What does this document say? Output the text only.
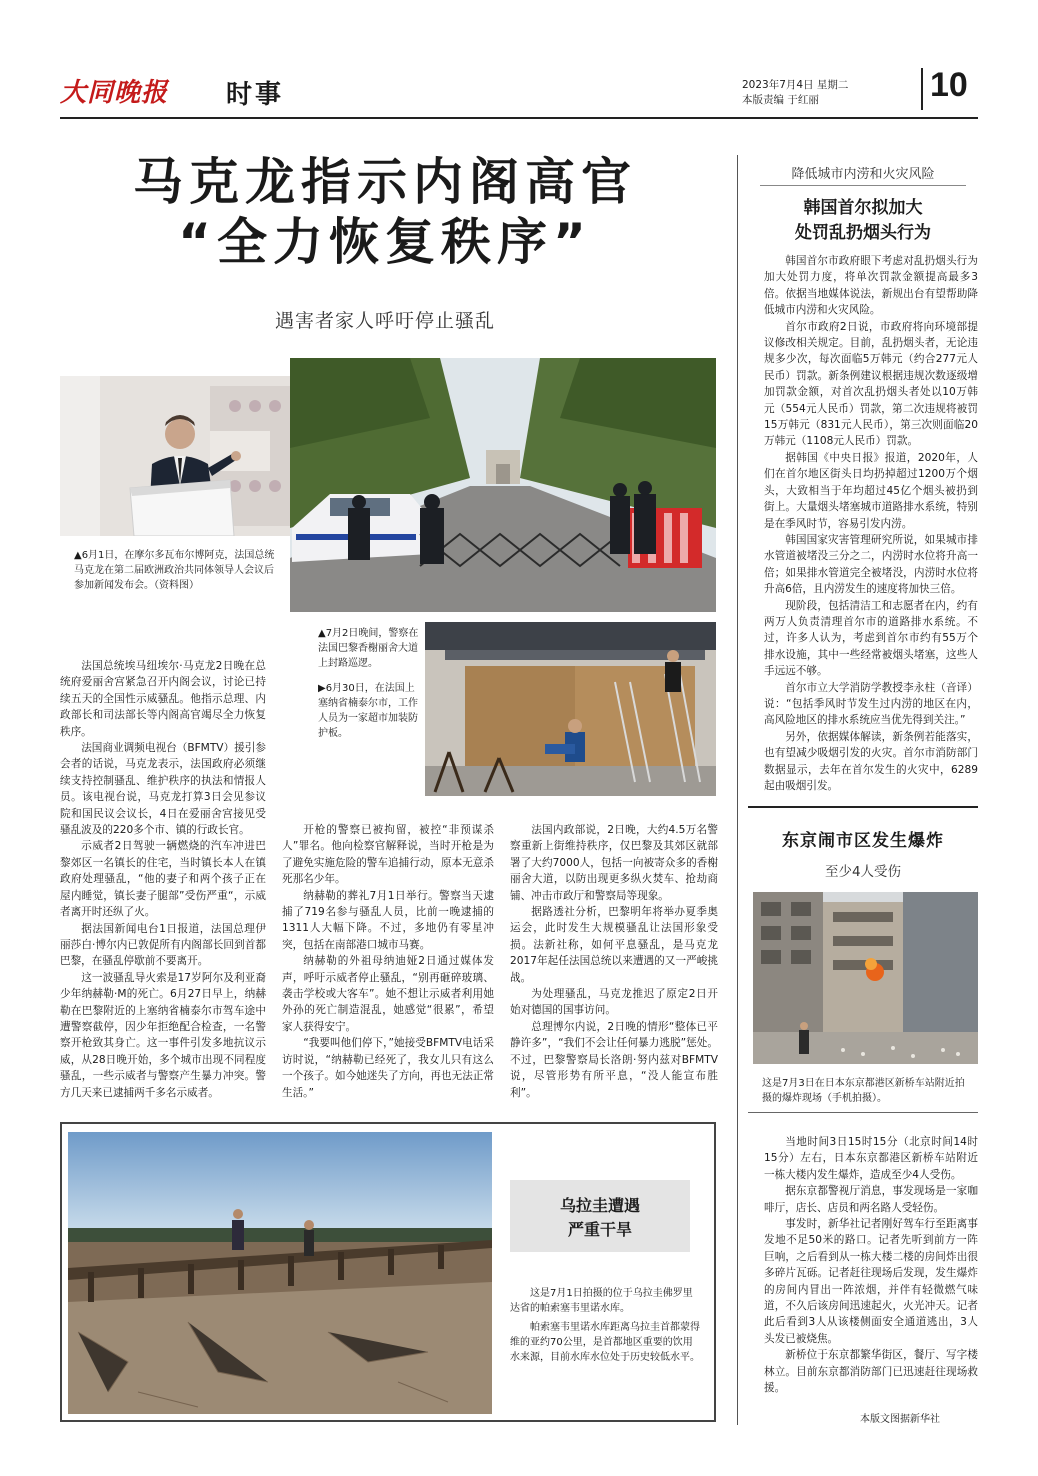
大同晚报	时事	2023年7月4日 星期二
本版责编 于红丽	10
马克龙指示内阁高官
“全力恢复秩序”
遇害者家人呼吁停止骚乱
▲6月1日，在摩尔多瓦布尔博阿克，法国总统马克龙在第二届欧洲政治共同体领导人会议后参加新闻发布会。（资料图）
▲7月2日晚间，警察在法国巴黎香榭丽舍大道上封路巡逻。
▶6月30日，在法国上塞纳省楠泰尔市，工作人员为一家超市加装防护板。

法国总统埃马纽埃尔·马克龙2日晚在总统府爱丽舍宫紧急召开内阁会议，讨论已持续五天的全国性示威骚乱。他指示总理、内政部长和司法部长等内阁高官竭尽全力恢复秩序。

法国商业调频电视台（BFMTV）援引参会者的话说，马克龙表示，法国政府必须继续支持控制骚乱、维护秩序的执法和情报人员。该电视台说，马克龙打算3日会见参议院和国民议会议长，4日在爱丽舍宫接见受骚乱波及的220多个市、镇的行政长官。

示威者2日驾驶一辆燃烧的汽车冲进巴黎郊区一名镇长的住宅，当时镇长本人在镇政府处理骚乱，“他的妻子和两个孩子正在屋内睡觉，镇长妻子腿部”受伤严重“，示威者离开时还纵了火。

据法国新闻电台1日报道，法国总理伊丽莎白·博尔内已敦促所有内阁部长回到首都巴黎，在骚乱停歇前不要离开。

这一波骚乱导火索是17岁阿尔及利亚裔少年纳赫勒·M的死亡。6月27日早上，纳赫勒在巴黎附近的上塞纳省楠泰尔市驾车途中遭警察截停，因少年拒绝配合检查，一名警察开枪致其身亡。这一事件引发多地抗议示威，从28日晚开始，多个城市出现不同程度骚乱，一些示威者与警察产生暴力冲突。警方几天来已逮捕两千多名示威者。

开枪的警察已被拘留，被控“非预谋杀人”罪名。他向检察官解释说，当时开枪是为了避免实施危险的警车追捕行动，原本无意杀死那名少年。

纳赫勒的葬礼7月1日举行。警察当天逮捕了719名参与骚乱人员，比前一晚逮捕的1311人大幅下降。不过，多地仍有零星冲突，包括在南部港口城市马赛。

纳赫勒的外祖母纳迪娅2日通过媒体发声，呼吁示威者停止骚乱，“别再砸碎玻璃、袭击学校或大客车”。她不想让示威者利用她外孙的死亡制造混乱，她感觉“很累”，希望家人获得安宁。

“我要叫他们停下，”她接受BFMTV电话采访时说，“纳赫勒已经死了，我女儿只有这么一个孩子。如今她迷失了方向，再也无法正常生活。”

法国内政部说，2日晚，大约4.5万名警察重新上街维持秩序，仅巴黎及其郊区就部署了大约7000人，包括一向被寄众多的香榭丽舍大道，以防出现更多纵火焚车、抢劫商铺、冲击市政厅和警察局等现象。

据路透社分析，巴黎明年将举办夏季奥运会，此时发生大规模骚乱让法国形象受损。法新社称，如何平息骚乱，是马克龙2017年起任法国总统以来遭遇的又一严峻挑战。

为处理骚乱，马克龙推迟了原定2日开始对德国的国事访问。

总理博尔内说，2日晚的情形“整体已平静许多”，“我们不会让任何暴力逃脱”惩处。不过，巴黎警察局长洛朗·努内兹对BFMTV说，尽管形势有所平息，“没人能宣布胜利”。

降低城市内涝和火灾风险
韩国首尔拟加大
处罚乱扔烟头行为

韩国首尔市政府眼下考虑对乱扔烟头行为加大处罚力度，将单次罚款金额提高最多3倍。依据当地媒体说法，新规出台有望帮助降低城市内涝和火灾风险。

首尔市政府2日说，市政府将向环境部提议修改相关规定。目前，乱扔烟头者，无论违规多少次，每次面临5万韩元（约合277元人民币）罚款。新条例建议根据违规次数逐级增加罚款金额，对首次乱扔烟头者处以10万韩元（554元人民币）罚款，第二次违规将被罚15万韩元（831元人民币），第三次则面临20万韩元（1108元人民币）罚款。

据韩国《中央日报》报道，2020年，人们在首尔地区街头日均扔掉超过1200万个烟头，大致相当于年均超过45亿个烟头被扔到街上。大量烟头堵塞城市道路排水系统，特别是在季风时节，容易引发内涝。

韩国国家灾害管理研究所说，如果城市排水管道被堵没三分之二，内涝时水位将升高一倍；如果排水管道完全被堵没，内涝时水位将升高6倍，且内涝发生的速度将加快三倍。

现阶段，包括清洁工和志愿者在内，约有两万人负责清理首尔市的道路排水系统。不过，许多人认为，考虑到首尔市约有55万个排水设施，其中一些经常被烟头堵塞，这些人手远远不够。

首尔市立大学消防学教授李永柱（音译）说：“包括季风时节发生过内涝的地区在内，高风险地区的排水系统应当优先得到关注。”

另外，依据媒体解读，新条例若能落实，也有望减少吸烟引发的火灾。首尔市消防部门数据显示，去年在首尔发生的火灾中，6289起由吸烟引发。

东京闹市区发生爆炸
至少4人受伤
这是7月3日在日本东京都港区新桥车站附近拍摄的爆炸现场（手机拍摄）。

当地时间3日15时15分（北京时间14时15分）左右，日本东京都港区新桥车站附近一栋大楼内发生爆炸，造成至少4人受伤。

据东京都警视厅消息，事发现场是一家咖啡厅，店长、店员和两名路人受轻伤。

事发时，新华社记者刚好驾车行至距离事发地不足50米的路口。记者先听到前方一阵巨响，之后看到从一栋大楼二楼的房间炸出很多碎片瓦砾。记者赶往现场后发现，发生爆炸的房间内冒出一阵浓烟，并伴有轻微燃气味道，不久后该房间迅速起火，火光冲天。记者此后看到3人从该楼侧面安全通道逃出，3人头发已被烧焦。

新桥位于东京都繁华街区，餐厅、写字楼林立。目前东京都消防部门已迅速赶往现场救援。

本版文图据新华社
乌拉圭遭遇
严重干旱
这是7月1日拍摄的位于乌拉圭佛罗里达省的帕索塞韦里诺水库。
帕索塞韦里诺水库距离乌拉圭首都蒙得维的亚约70公里，是首都地区重要的饮用水来源，目前水库水位处于历史较低水平。
